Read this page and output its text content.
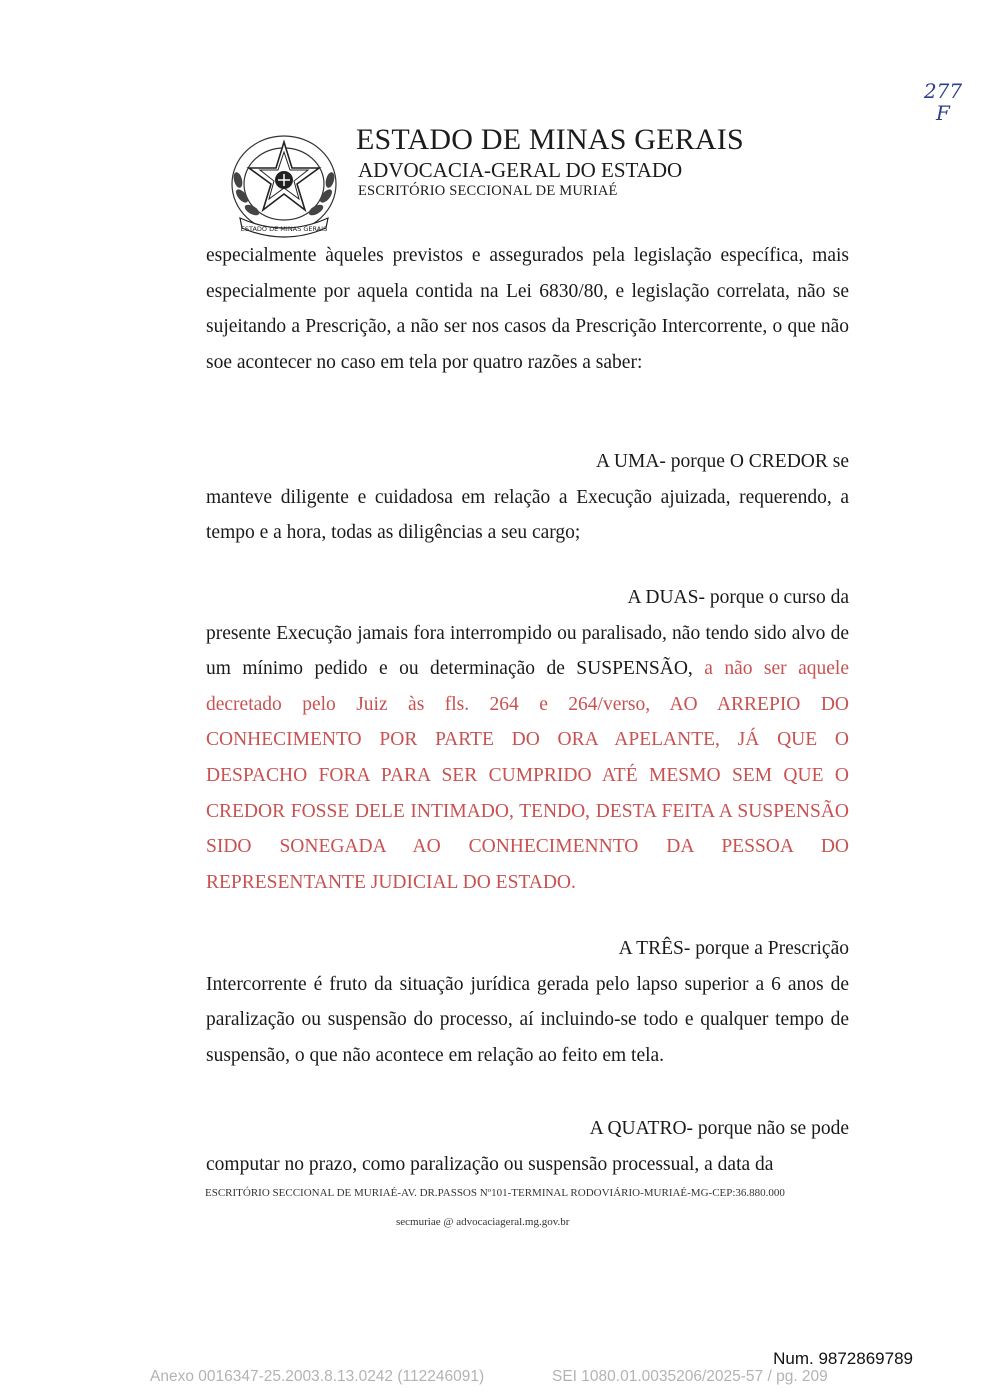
277
F
ESTADO DE MINAS GERAIS
ESTADO DE MINAS GERAIS
ADVOCACIA-GERAL DO ESTADO
ESCRITÓRIO SECCIONAL DE MURIAÉ
especialmente àqueles previstos e assegurados pela legislação específica, mais especialmente por aquela contida na Lei 6830/80, e legislação correlata, não se sujeitando a Prescrição, a não ser nos casos da Prescrição Intercorrente, o que não soe acontecer no caso em tela por quatro razões a saber:
A UMA- porque O CREDOR se
manteve diligente e cuidadosa em relação a Execução ajuizada, requerendo, a tempo e a hora, todas as diligências a seu cargo;
A DUAS- porque o curso da
presente Execução jamais fora interrompido ou paralisado, não tendo sido alvo de um mínimo pedido e ou determinação de SUSPENSÃO, a não ser aquele decretado pelo Juiz às fls. 264 e 264/verso, AO ARREPIO DO CONHECIMENTO POR PARTE DO ORA APELANTE, JÁ QUE O DESPACHO FORA PARA SER CUMPRIDO ATÉ MESMO SEM QUE O CREDOR FOSSE DELE INTIMADO, TENDO, DESTA FEITA A SUSPENSÃO SIDO SONEGADA AO CONHECIMENNTO DA PESSOA DO REPRESENTANTE JUDICIAL DO ESTADO.
A TRÊS- porque a Prescrição
Intercorrente é fruto da situação jurídica gerada pelo lapso superior a 6 anos de paralização ou suspensão do processo, aí incluindo-se todo e qualquer tempo de suspensão, o que não acontece em relação ao feito em tela.
A QUATRO- porque não se pode
computar no prazo, como paralização ou suspensão processual, a data da
ESCRITÓRIO SECCIONAL DE MURIAÉ-AV. DR.PASSOS Nº101-TERMINAL RODOVIÁRIO-MURIAÉ-MG-CEP:36.880.000
secmuriae @ advocaciageral.mg.gov.br
Num. 9872869789
Anexo 0016347-25.2003.8.13.0242 (112246091)	SEI 1080.01.0035206/2025-57 / pg. 209
